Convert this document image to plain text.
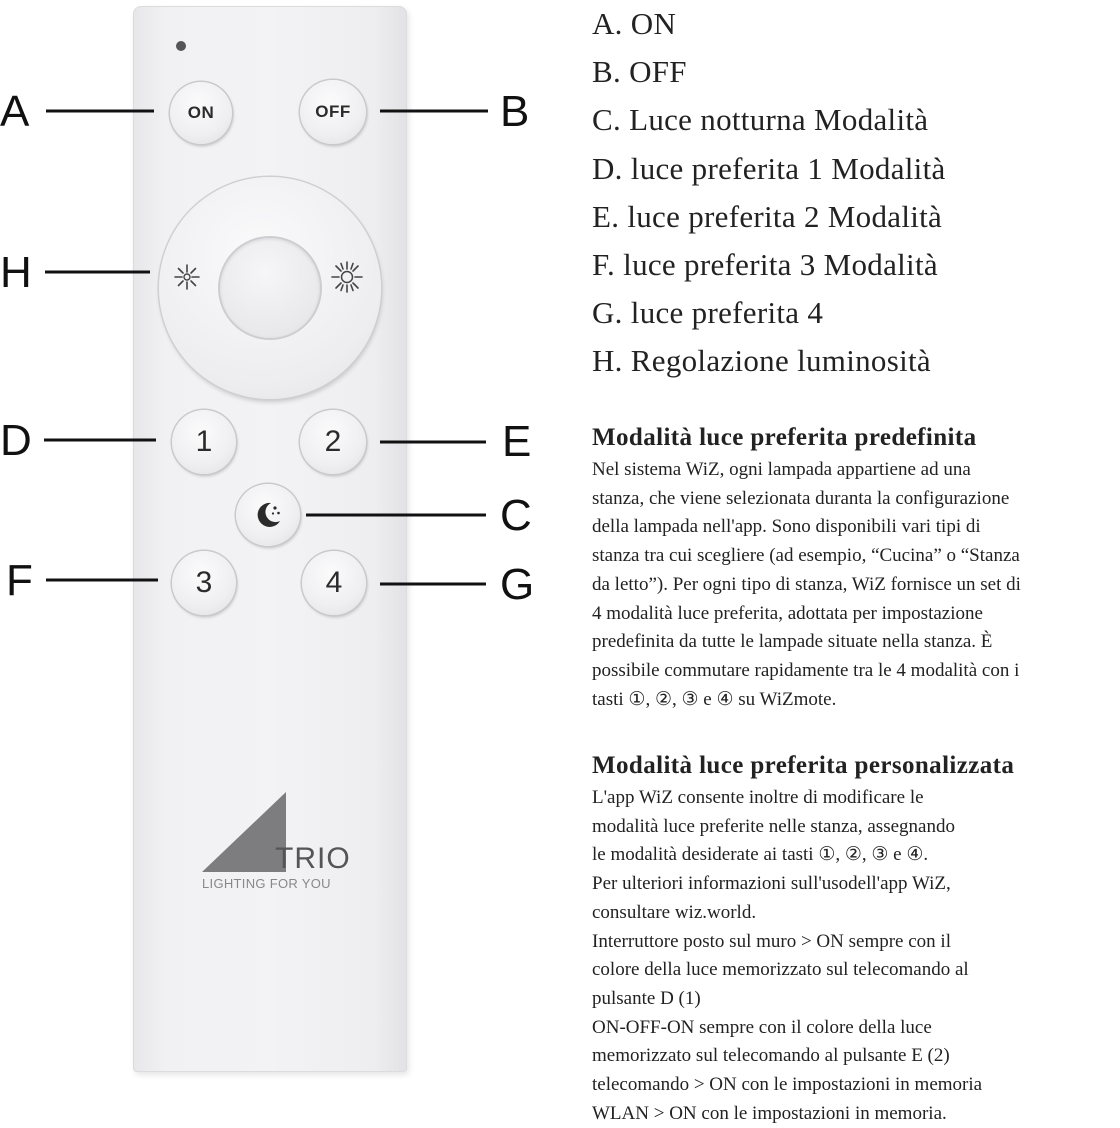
ON	OFF
1	2
3	4
TRIO
LIGHTING FOR YOU
A	B
H
D	E
C
F	G
A. ON
B. OFF
C. Luce notturna Modalità
D. luce preferita 1 Modalità
E. luce preferita 2 Modalità
F. luce preferita 3 Modalità
G. luce preferita 4
H. Regolazione luminosità
Modalità luce preferita predefinita
Nel sistema WiZ, ogni lampada appartiene ad una
stanza, che viene selezionata duranta la configurazione
della lampada nell'app. Sono disponibili vari tipi di
stanza tra cui scegliere (ad esempio, “Cucina” o “Stanza
da letto”). Per ogni tipo di stanza, WiZ fornisce un set di
4 modalità luce preferita, adottata per impostazione
predefinita da tutte le lampade situate nella stanza. È
possibile commutare rapidamente tra le 4 modalità con i
tasti ①, ②, ③ e ④ su WiZmote.
Modalità luce preferita personalizzata
L'app WiZ consente inoltre di modificare le
modalità luce preferite nelle stanza, assegnando
le modalità desiderate ai tasti ①, ②, ③ e ④.
Per ulteriori informazioni sull'usodell'app WiZ,
consultare wiz.world.
Interruttore posto sul muro > ON sempre con il
colore della luce memorizzato sul telecomando al
pulsante D (1)
ON-OFF-ON sempre con il colore della luce
memorizzato sul telecomando al pulsante E (2)
telecomando > ON con le impostazioni in memoria
WLAN > ON con le impostazioni in memoria.
